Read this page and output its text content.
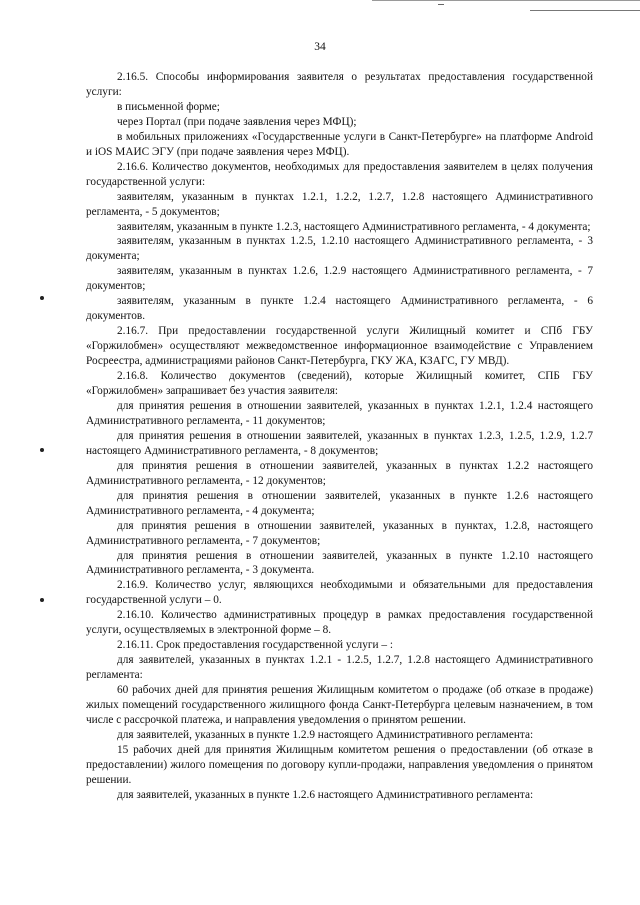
34

2.16.5. Способы информирования заявителя о результатах предоставления государственной услуги:

в письменной форме;

через Портал (при подаче заявления через МФЦ);

в мобильных приложениях «Государственные услуги в Санкт-Петербурге» на платформе Android и iOS МАИС ЭГУ (при подаче заявления через МФЦ).

2.16.6. Количество документов, необходимых для предоставления заявителем в целях получения государственной услуги:

заявителям, указанным в пунктах 1.2.1, 1.2.2, 1.2.7, 1.2.8 настоящего Административного регламента, - 5 документов;

заявителям, указанным в пункте 1.2.3, настоящего Административного регламента, - 4 документа;

заявителям, указанным в пунктах 1.2.5, 1.2.10 настоящего Административного регламента, - 3 документа;

заявителям, указанным в пунктах 1.2.6, 1.2.9 настоящего Административного регламента, - 7 документов;

заявителям, указанным в пункте 1.2.4 настоящего Административного регламента, - 6 документов.

2.16.7. При предоставлении государственной услуги Жилищный комитет и СПб ГБУ «Горжилобмен» осуществляют межведомственное информационное взаимодействие с Управлением Росреестра, администрациями районов Санкт-Петербурга, ГКУ ЖА, КЗАГС, ГУ МВД).

2.16.8. Количество документов (сведений), которые Жилищный комитет, СПБ ГБУ «Горжилобмен» запрашивает без участия заявителя:

для принятия решения в отношении заявителей, указанных в пунктах 1.2.1, 1.2.4 настоящего Административного регламента, - 11 документов;

для принятия решения в отношении заявителей, указанных в пунктах 1.2.3, 1.2.5, 1.2.9, 1.2.7 настоящего Административного регламента, - 8 документов;

для принятия решения в отношении заявителей, указанных в пунктах 1.2.2 настоящего Административного регламента, - 12 документов;

для принятия решения в отношении заявителей, указанных в пункте 1.2.6 настоящего Административного регламента, - 4 документа;

для принятия решения в отношении заявителей, указанных в пунктах, 1.2.8, настоящего Административного регламента, - 7 документов;

для принятия решения в отношении заявителей, указанных в пункте 1.2.10 настоящего Административного регламента, - 3 документа.

2.16.9. Количество услуг, являющихся необходимыми и обязательными для предоставления государственной услуги – 0.

2.16.10. Количество административных процедур в рамках предоставления государственной услуги, осуществляемых в электронной форме – 8.

2.16.11. Срок предоставления государственной услуги – :

для заявителей, указанных в пунктах 1.2.1 - 1.2.5, 1.2.7, 1.2.8 настоящего Административного регламента:

60 рабочих дней для принятия решения Жилищным комитетом о продаже (об отказе в продаже) жилых помещений государственного жилищного фонда Санкт-Петербурга целевым назначением, в том числе с рассрочкой платежа, и направления уведомления о принятом решении.

для заявителей, указанных в пункте 1.2.9 настоящего Административного регламента:

15 рабочих дней для принятия Жилищным комитетом решения о предоставлении (об отказе в предоставлении) жилого помещения по договору купли-продажи, направления уведомления о принятом решении.

для заявителей, указанных в пункте 1.2.6 настоящего Административного регламента:
